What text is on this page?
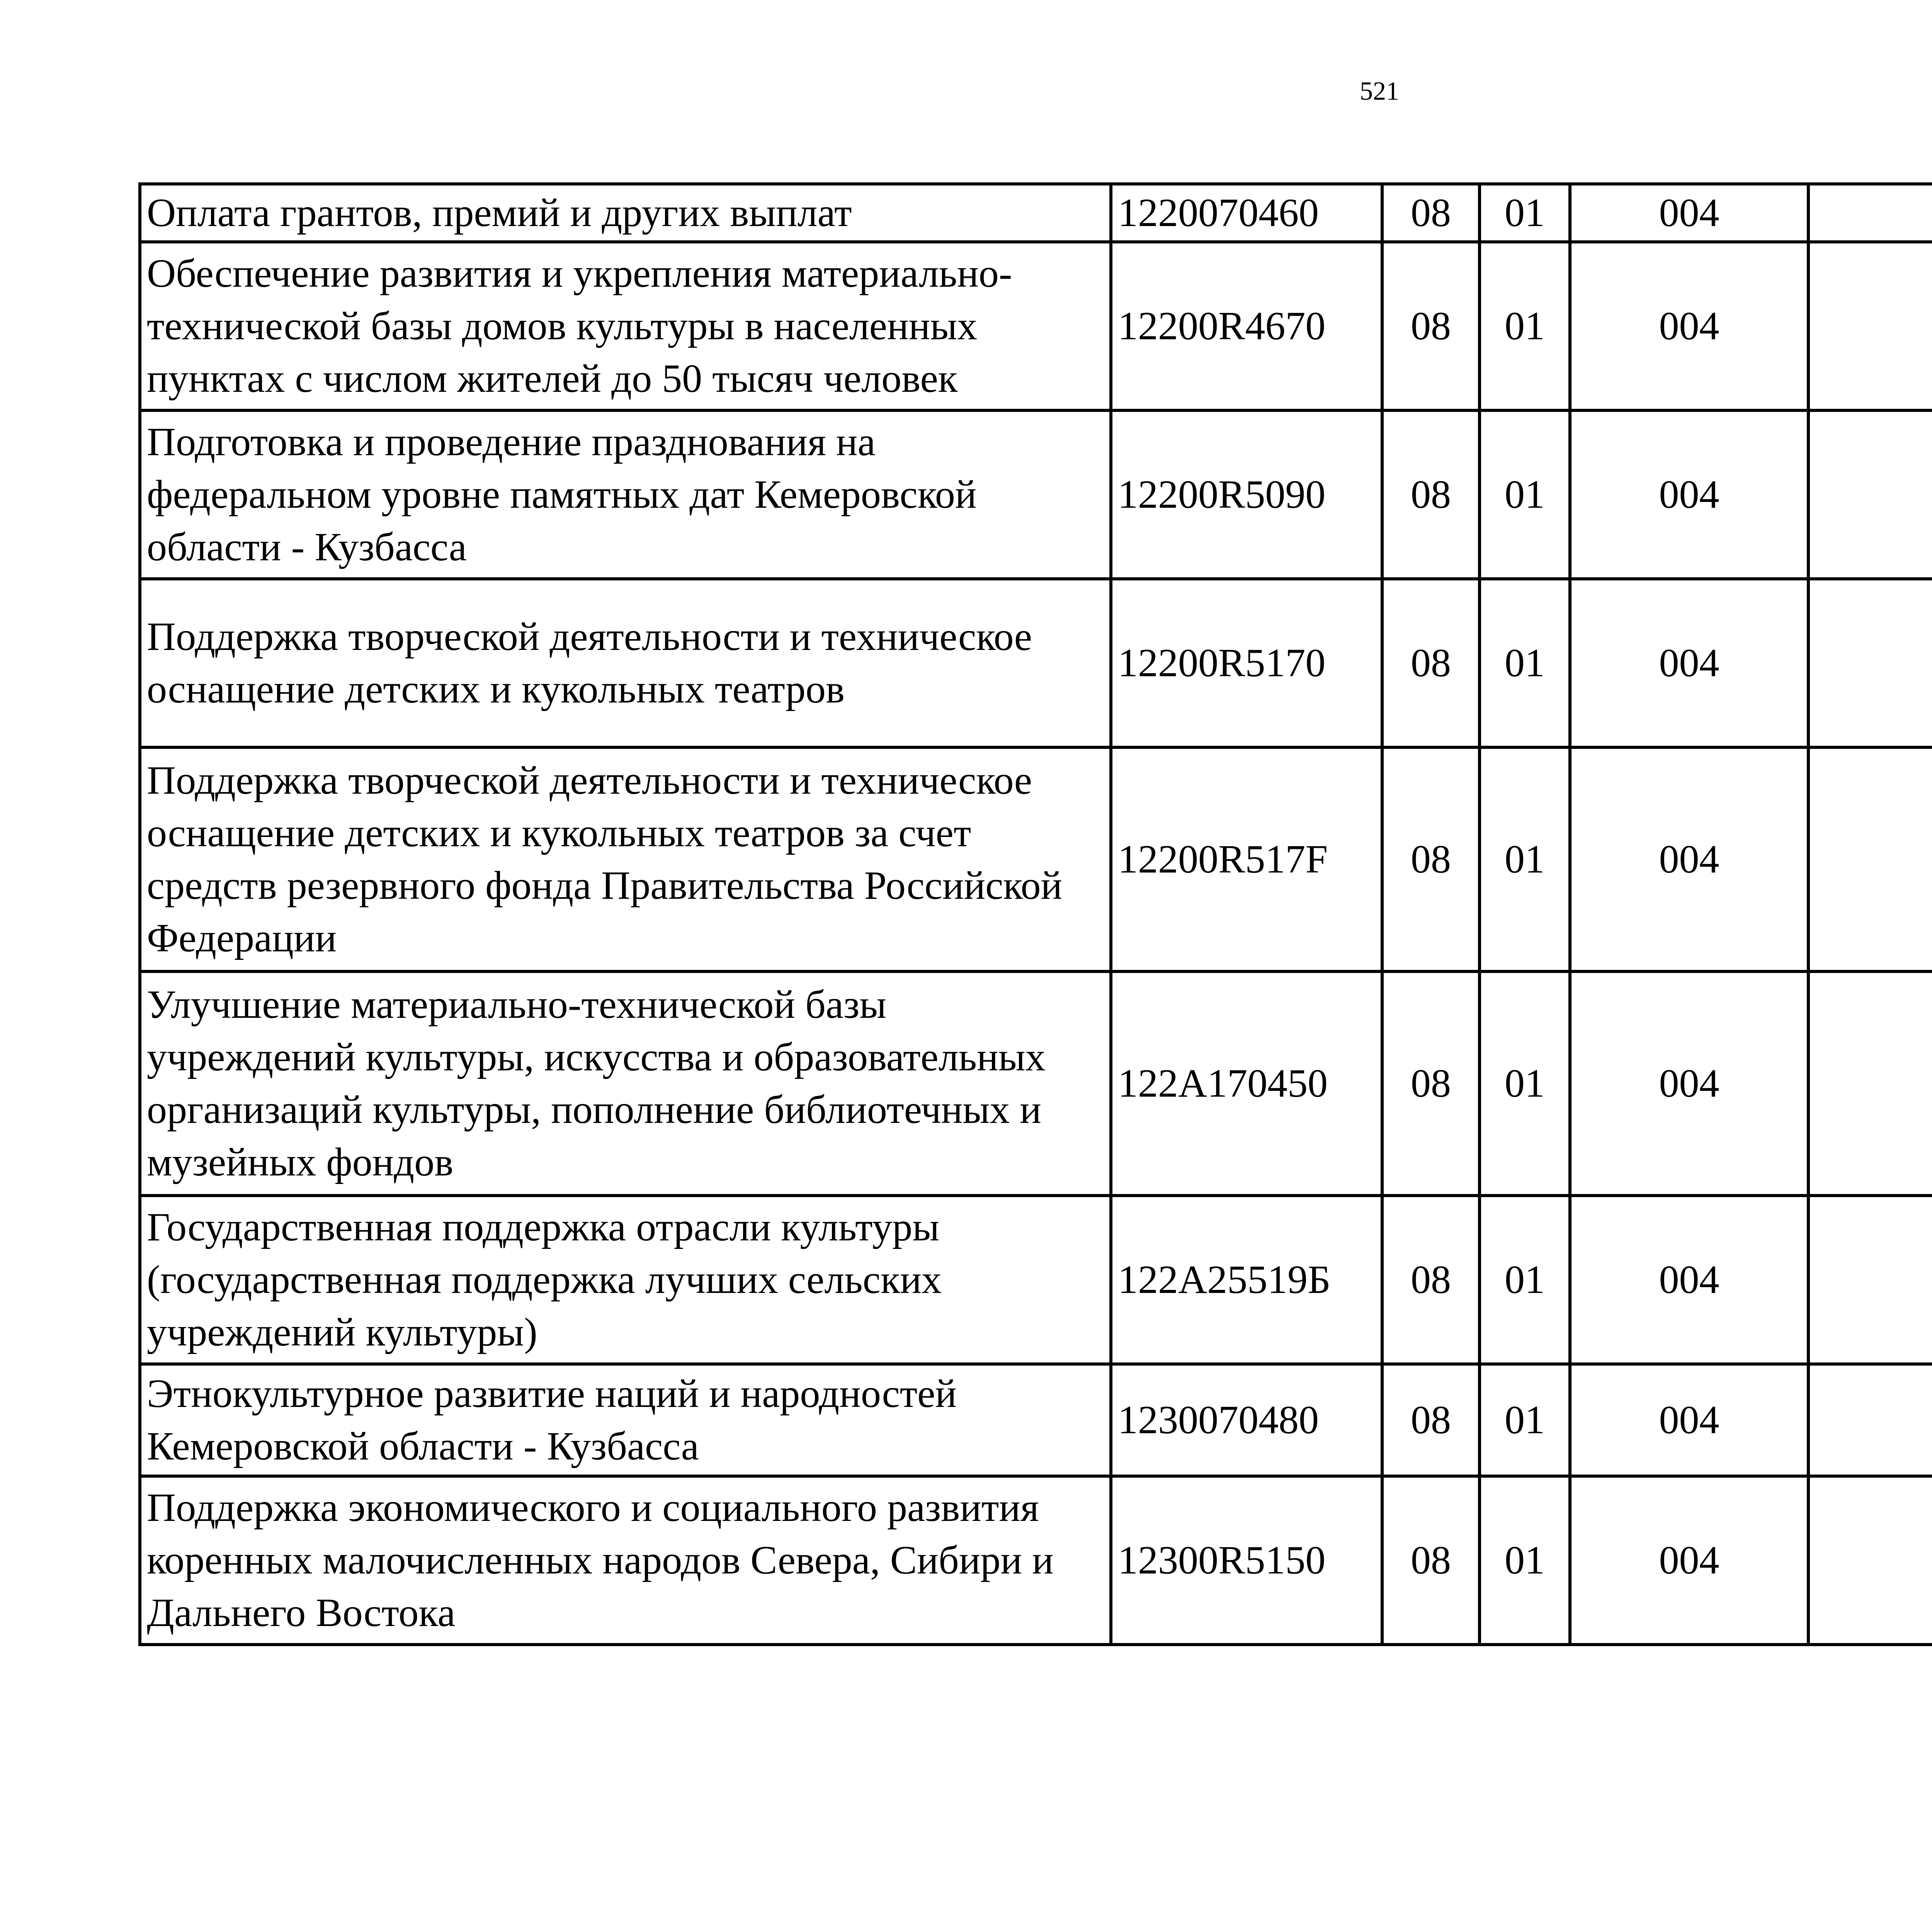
521
Оплата грантов, премий и других выплат	1220070460	08	01	004			
Обеспечение развития и укрепления материально-технической базы домов культуры в населенных пунктах с числом жителей до 50 тысяч человек	12200R4670	08	01	004			
Подготовка и проведение празднования на федеральном уровне памятных дат Кемеровской области - Кузбасса	12200R5090	08	01	004			
Поддержка творческой деятельности и техническое оснащение детских и кукольных театров	12200R5170	08	01	004			
Поддержка творческой деятельности и техническое оснащение детских и кукольных театров за счет средств резервного фонда Правительства Российской Федерации	12200R517F	08	01	004			
Улучшение материально-технической базы учреждений культуры, искусства и образовательных организаций культуры, пополнение библиотечных и музейных фондов	122A170450	08	01	004			
Государственная поддержка отрасли культуры (государственная поддержка лучших сельских учреждений культуры)	122A25519Б	08	01	004			
Этнокультурное развитие наций и народностей Кемеровской области - Кузбасса	1230070480	08	01	004			
Поддержка экономического и социального развития коренных малочисленных народов Севера, Сибири и Дальнего Востока	12300R5150	08	01	004			
